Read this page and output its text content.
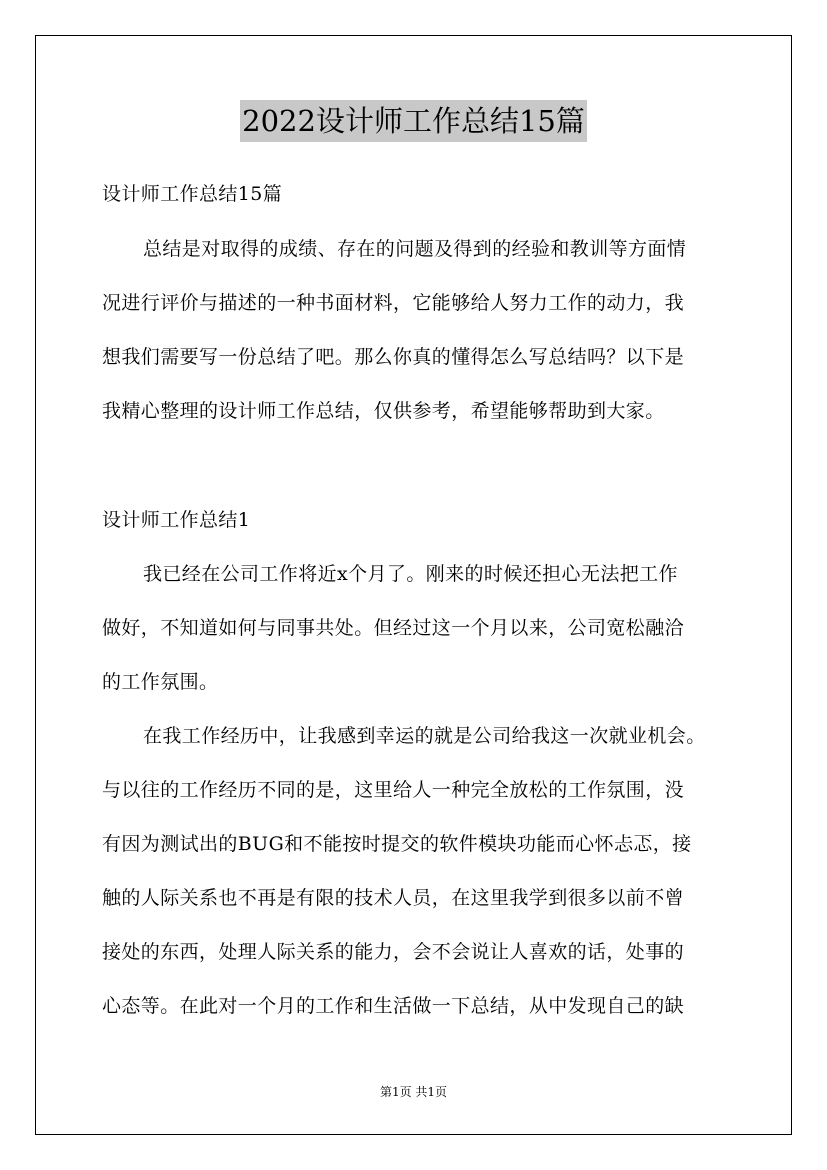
2022设计师工作总结15篇
设计师工作总结15篇
总结是对取得的成绩、存在的问题及得到的经验和教训等方面情
况进行评价与描述的一种书面材料，它能够给人努力工作的动力，我
想我们需要写一份总结了吧。那么你真的懂得怎么写总结吗？以下是
我精心整理的设计师工作总结，仅供参考，希望能够帮助到大家。
设计师工作总结1
我已经在公司工作将近x个月了。刚来的时候还担心无法把工作
做好，不知道如何与同事共处。但经过这一个月以来，公司宽松融洽
的工作氛围。
在我工作经历中，让我感到幸运的就是公司给我这一次就业机会。
与以往的工作经历不同的是，这里给人一种完全放松的工作氛围，没
有因为测试出的BUG和不能按时提交的软件模块功能而心怀忐忑，接
触的人际关系也不再是有限的技术人员，在这里我学到很多以前不曾
接处的东西，处理人际关系的能力，会不会说让人喜欢的话，处事的
心态等。在此对一个月的工作和生活做一下总结，从中发现自己的缺
第1页 共1页
